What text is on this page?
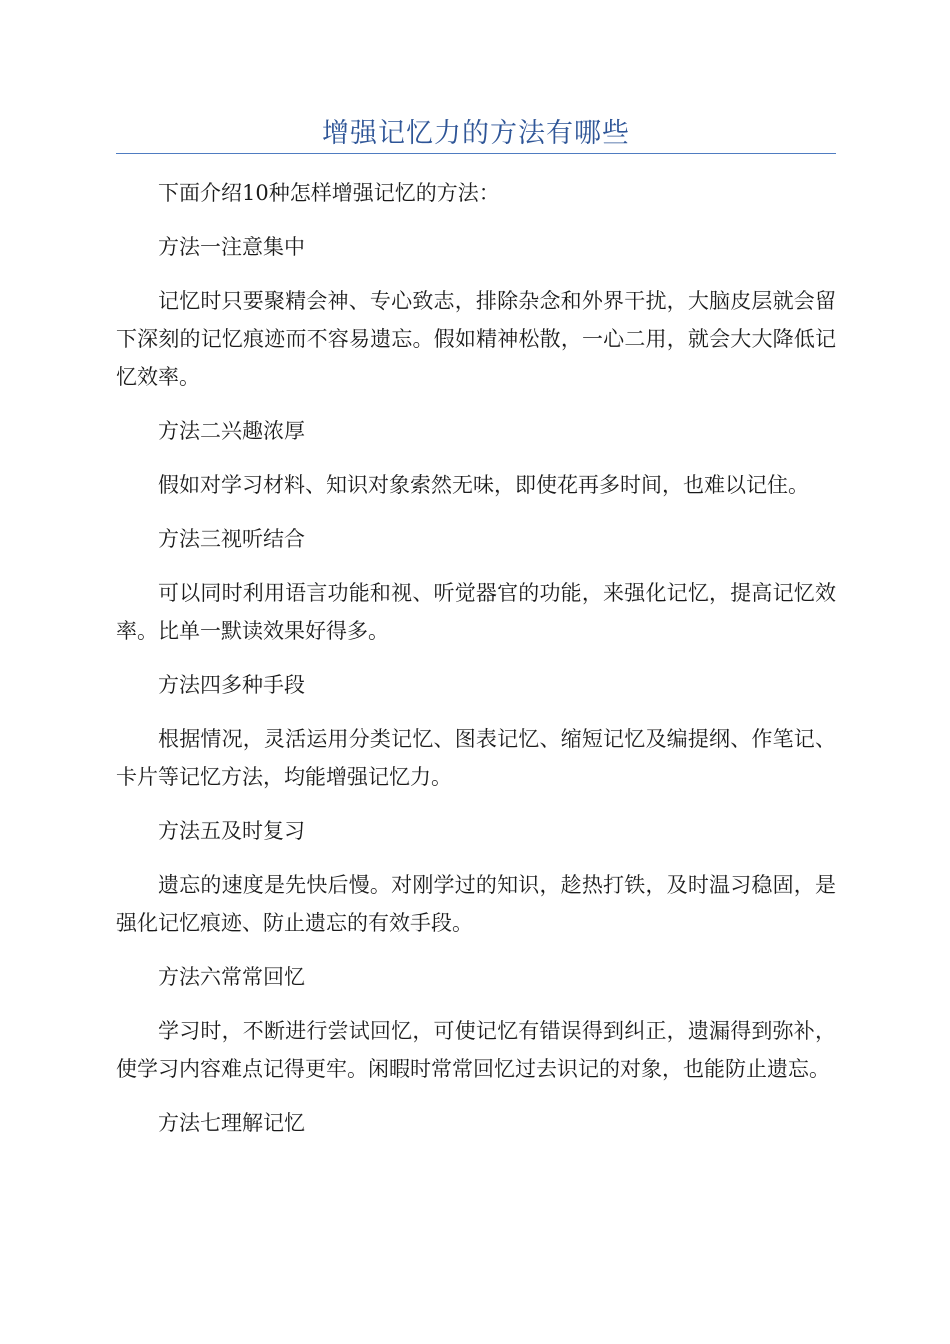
增强记忆力的方法有哪些

下面介绍10种怎样增强记忆的方法：

方法一注意集中

记忆时只要聚精会神、专心致志，排除杂念和外界干扰，大脑皮层就会留下深刻的记忆痕迹而不容易遗忘。假如精神松散，一心二用，就会大大降低记忆效率。

方法二兴趣浓厚

假如对学习材料、知识对象索然无味，即使花再多时间，也难以记住。

方法三视听结合

可以同时利用语言功能和视、听觉器官的功能，来强化记忆，提高记忆效率。比单一默读效果好得多。

方法四多种手段

根据情况，灵活运用分类记忆、图表记忆、缩短记忆及编提纲、作笔记、卡片等记忆方法，均能增强记忆力。

方法五及时复习

遗忘的速度是先快后慢。对刚学过的知识，趁热打铁，及时温习稳固，是强化记忆痕迹、防止遗忘的有效手段。

方法六常常回忆

学习时，不断进行尝试回忆，可使记忆有错误得到纠正，遗漏得到弥补，使学习内容难点记得更牢。闲暇时常常回忆过去识记的对象，也能防止遗忘。

方法七理解记忆
